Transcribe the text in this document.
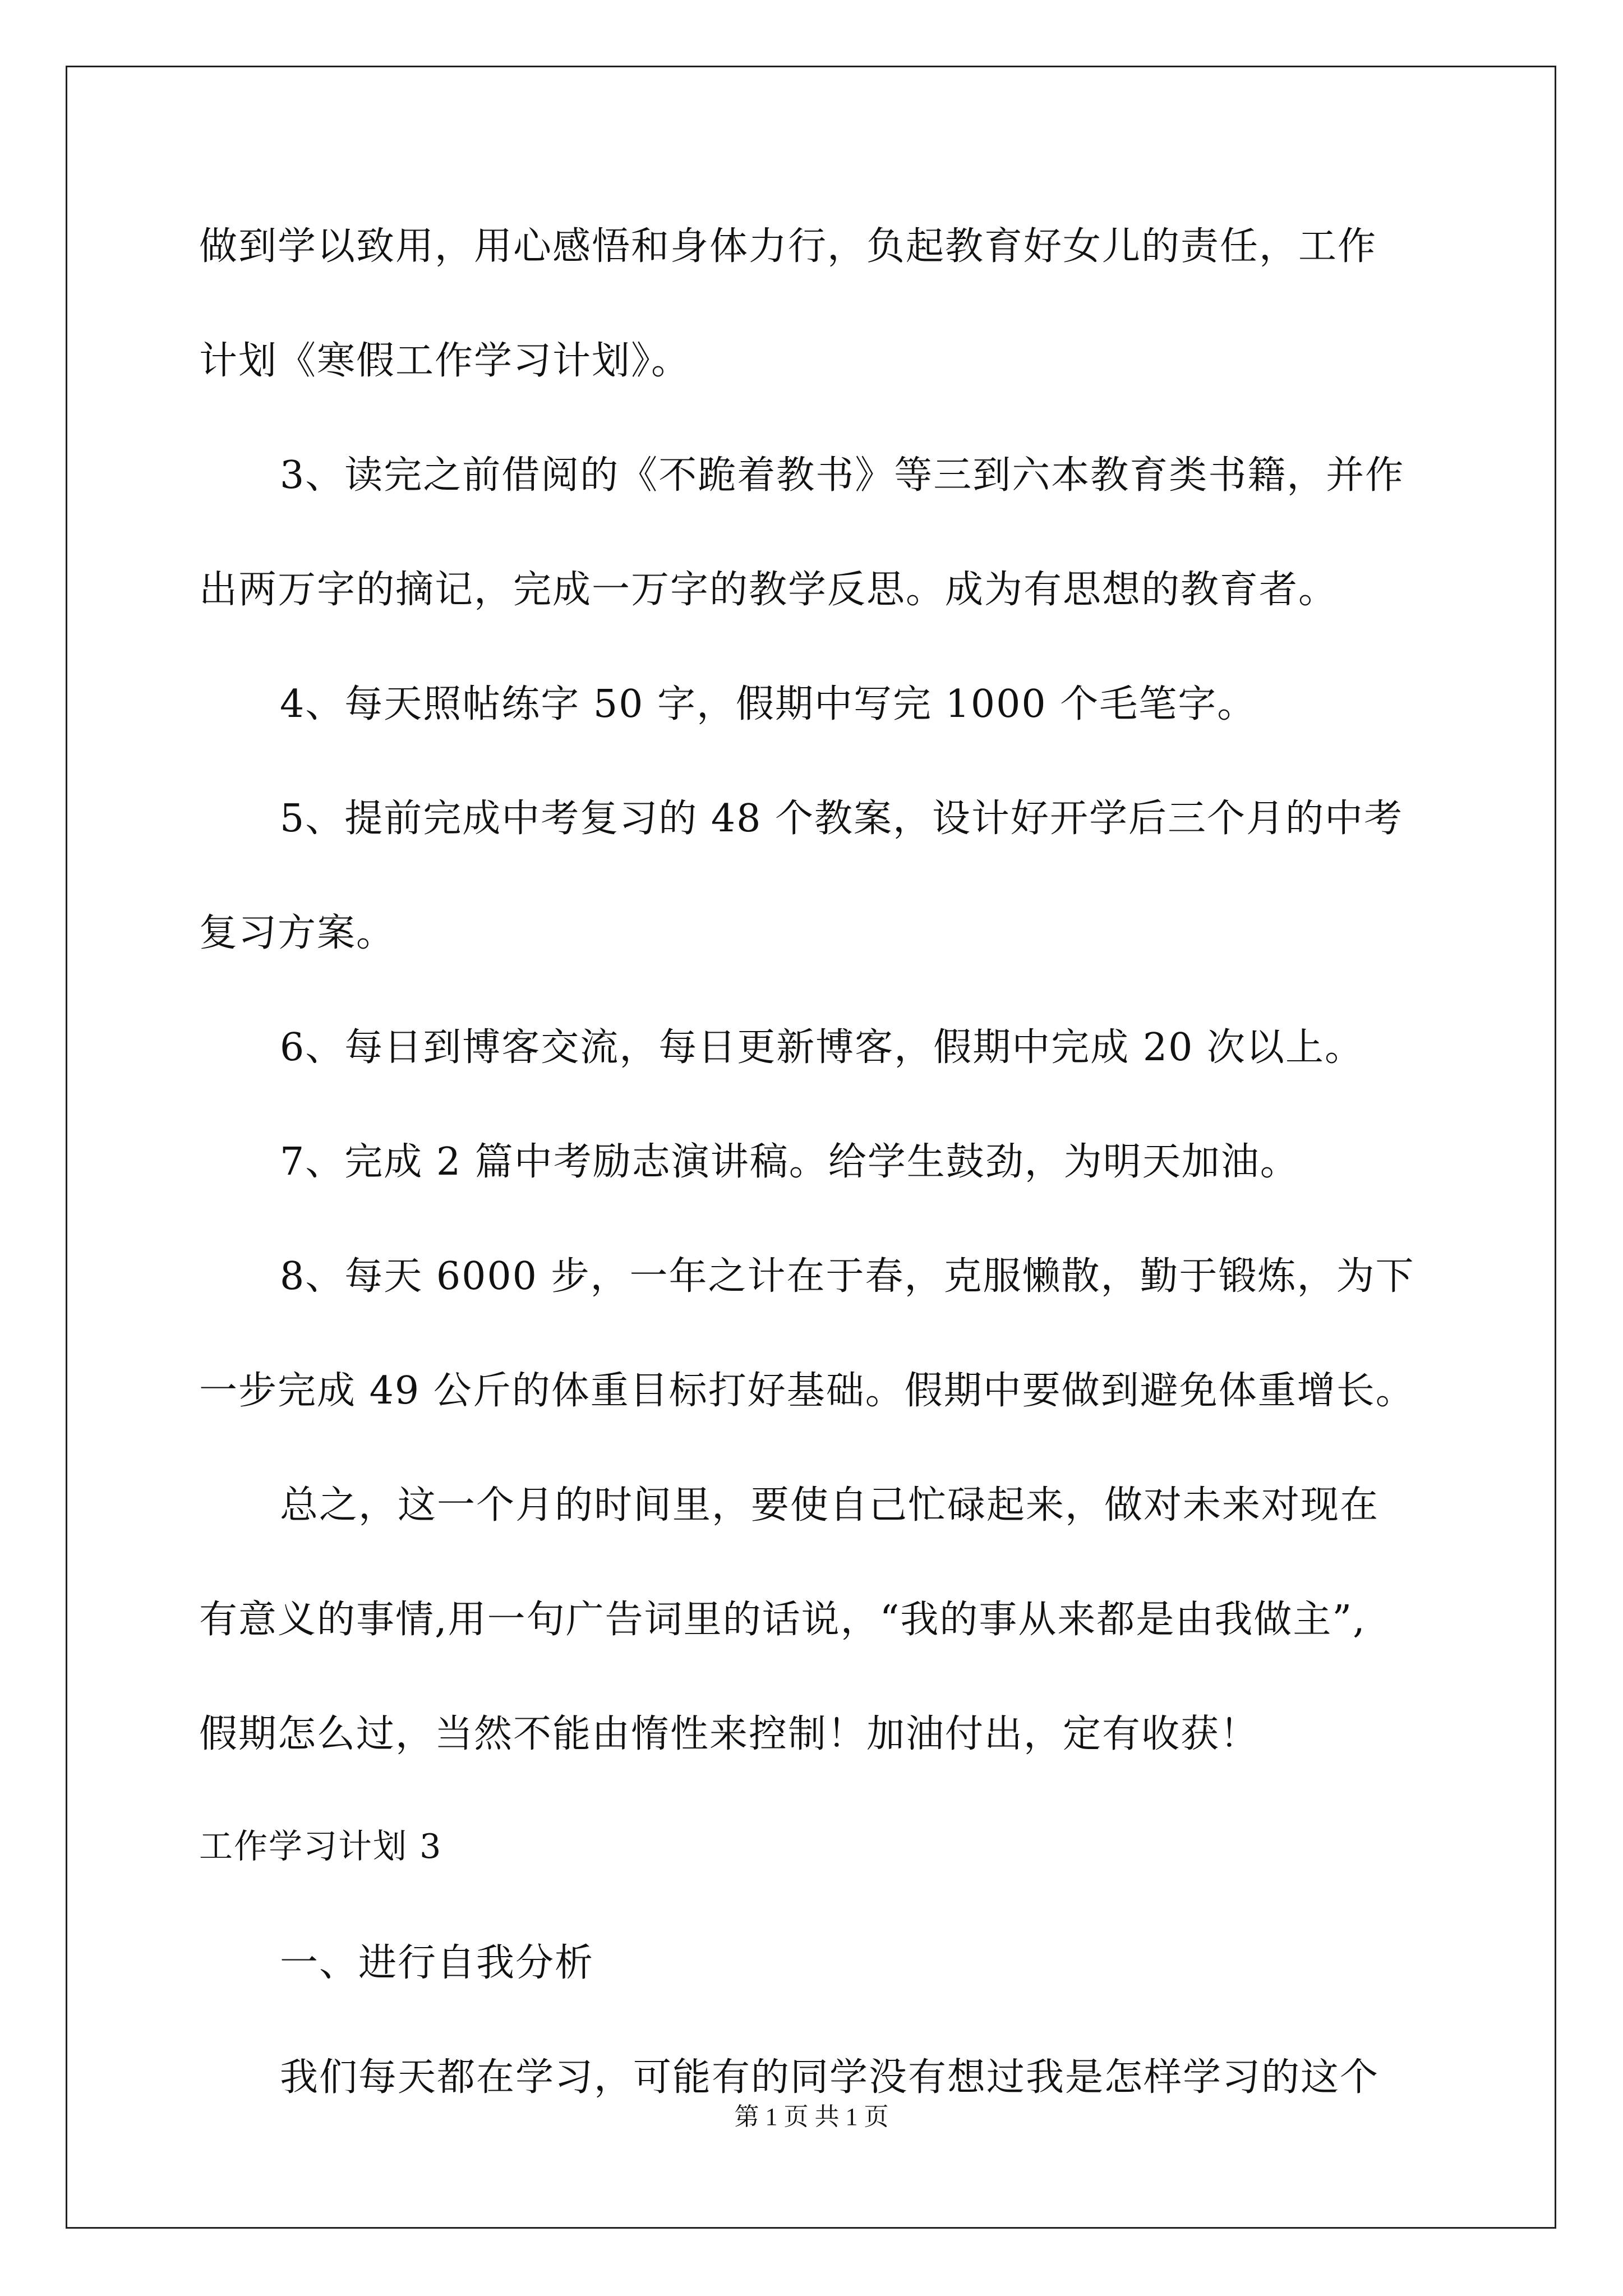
做到学以致用，用心感悟和身体力行，负起教育好女儿的责任，工作

计划《寒假工作学习计划》。

3、读完之前借阅的《不跪着教书》等三到六本教育类书籍，并作

出两万字的摘记，完成一万字的教学反思。成为有思想的教育者。

4、每天照帖练字 50 字，假期中写完 1000 个毛笔字。

5、提前完成中考复习的 48 个教案，设计好开学后三个月的中考

复习方案。

6、每日到博客交流，每日更新博客，假期中完成 20 次以上。

7、完成 2 篇中考励志演讲稿。给学生鼓劲，为明天加油。

8、每天 6000 步，一年之计在于春，克服懒散，勤于锻炼，为下

一步完成 49 公斤的体重目标打好基础。假期中要做到避免体重增长。

总之，这一个月的时间里，要使自己忙碌起来，做对未来对现在

有意义的事情,用一句广告词里的话说，“我的事从来都是由我做主”,

假期怎么过，当然不能由惰性来控制！加油付出，定有收获！

工作学习计划 3

一、进行自我分析

我们每天都在学习，可能有的同学没有想过我是怎样学习的这个

第 1 页 共 1 页
